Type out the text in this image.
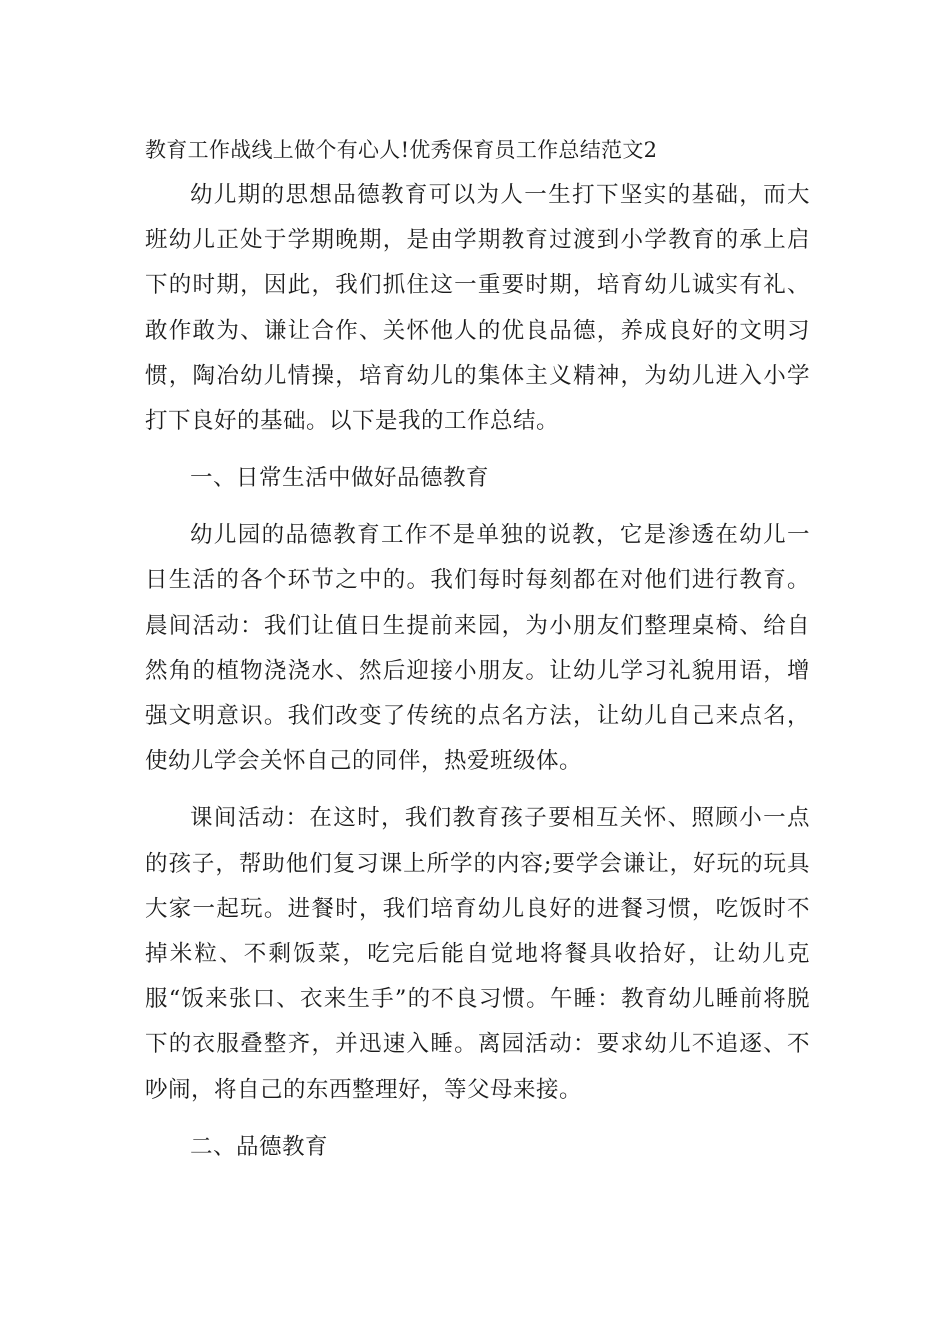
教育工作战线上做个有心人!优秀保育员工作总结范文2

幼儿期的思想品德教育可以为人一生打下坚实的基础，而大班幼儿正处于学期晚期，是由学期教育过渡到小学教育的承上启下的时期，因此，我们抓住这一重要时期，培育幼儿诚实有礼、敢作敢为、谦让合作、关怀他人的优良品德，养成良好的文明习惯，陶冶幼儿情操，培育幼儿的集体主义精神，为幼儿进入小学打下良好的基础。以下是我的工作总结。

一、日常生活中做好品德教育

幼儿园的品德教育工作不是单独的说教，它是渗透在幼儿一日生活的各个环节之中的。我们每时每刻都在对他们进行教育。晨间活动：我们让值日生提前来园，为小朋友们整理桌椅、给自然角的植物浇浇水、然后迎接小朋友。让幼儿学习礼貌用语，增强文明意识。我们改变了传统的点名方法，让幼儿自己来点名，使幼儿学会关怀自己的同伴，热爱班级体。

课间活动：在这时，我们教育孩子要相互关怀、照顾小一点的孩子，帮助他们复习课上所学的内容;要学会谦让，好玩的玩具大家一起玩。进餐时，我们培育幼儿良好的进餐习惯，吃饭时不掉米粒、不剩饭菜，吃完后能自觉地将餐具收拾好，让幼儿克服“饭来张口、衣来生手”的不良习惯。午睡：教育幼儿睡前将脱下的衣服叠整齐，并迅速入睡。离园活动：要求幼儿不追逐、不吵闹，将自己的东西整理好，等父母来接。

二、品德教育
